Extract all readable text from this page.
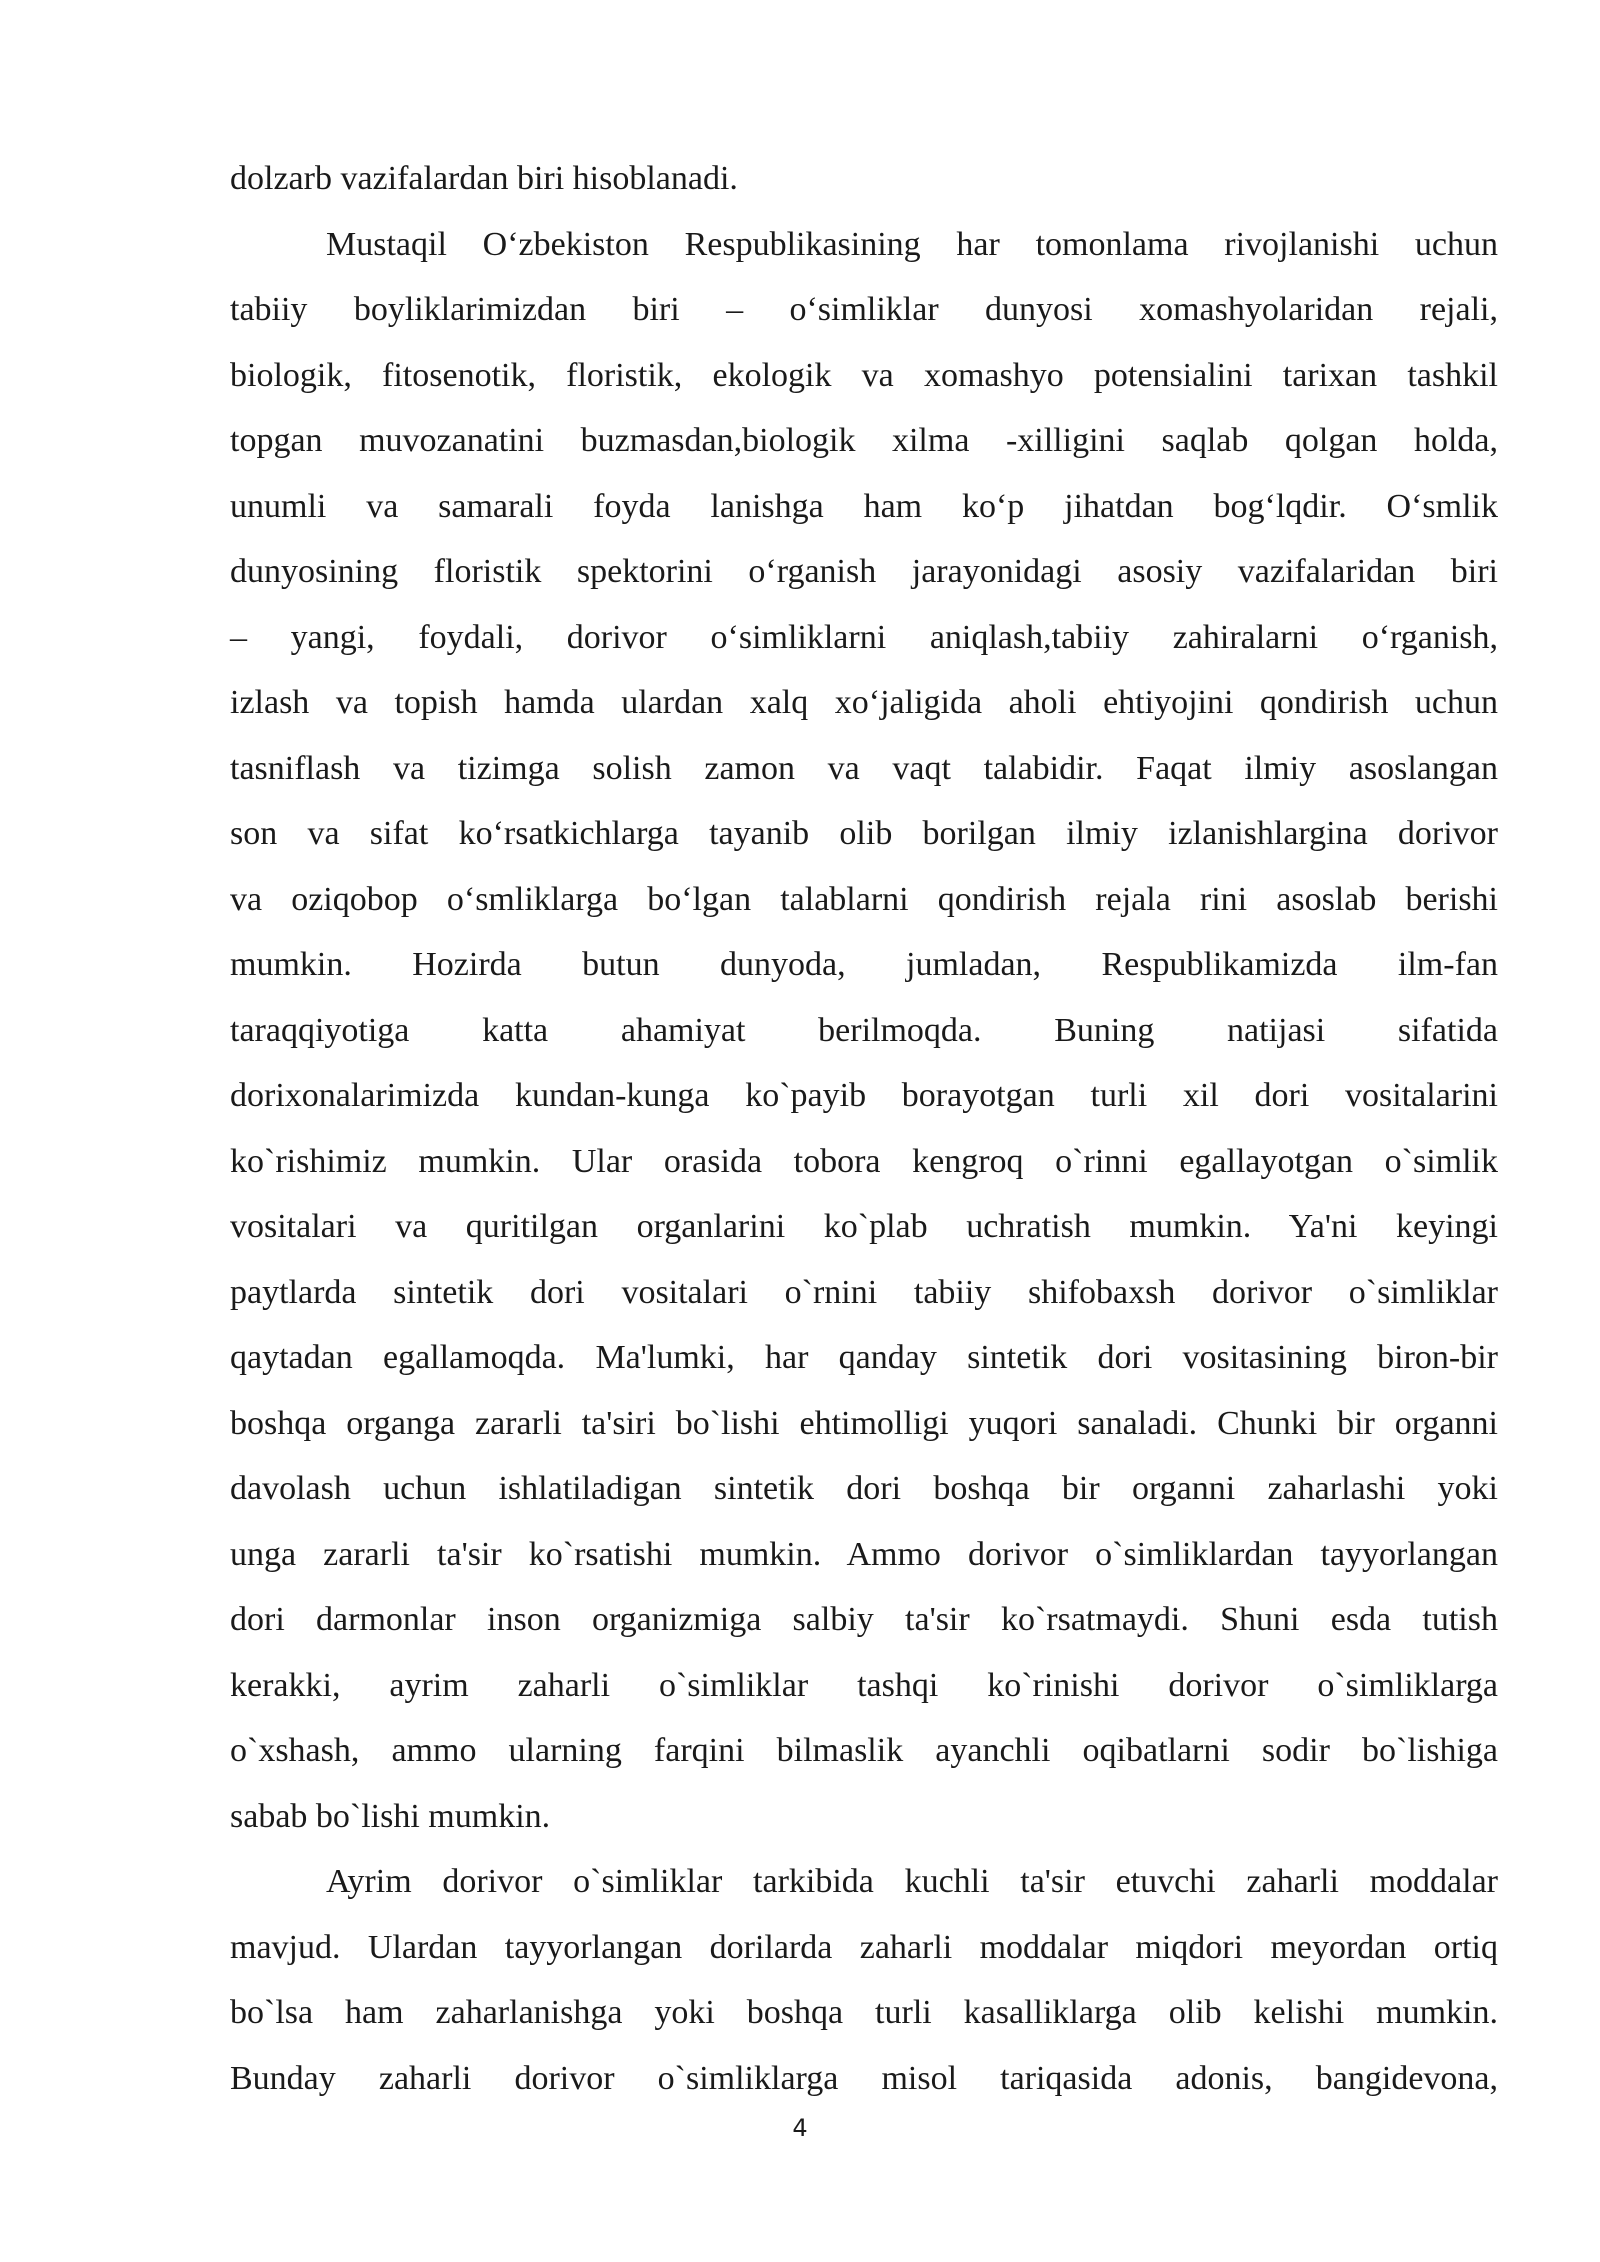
dolzarb vazifalardan biri hisoblanadi.
Mustaqil O‘zbekiston Respublikasining har tomonlama rivojlanishi uchun
tabiiy boyliklarimizdan biri – o‘simliklar dunyosi xomashyolaridan rejali,
biologik, fitosenotik, floristik, ekologik va xomashyo potensialini tarixan tashkil
topgan muvozanatini buzmasdan,biologik xilma -xilligini saqlab qolgan holda,
unumli va samarali foyda lanishga ham ko‘p jihatdan bog‘lqdir. O‘smlik
dunyosining floristik spektorini o‘rganish jarayonidagi asosiy vazifalaridan biri
– yangi, foydali, dorivor o‘simliklarni aniqlash,tabiiy zahiralarni o‘rganish,
izlash va topish hamda ulardan xalq xo‘jaligida aholi ehtiyojini qondirish uchun
tasniflash va tizimga solish zamon va vaqt talabidir. Faqat ilmiy asoslangan
son va sifat ko‘rsatkichlarga tayanib olib borilgan ilmiy izlanishlargina dorivor
va oziqobop o‘smliklarga bo‘lgan talablarni qondirish rejala rini asoslab berishi
mumkin. Hozirda butun dunyoda, jumladan, Respublikamizda ilm-fan
taraqqiyotiga katta ahamiyat berilmoqda. Buning natijasi sifatida
dorixonalarimizda kundan-kunga ko`payib borayotgan turli xil dori vositalarini
ko`rishimiz mumkin. Ular orasida tobora kengroq o`rinni egallayotgan o`simlik
vositalari va quritilgan organlarini ko`plab uchratish mumkin. Ya'ni keyingi
paytlarda sintetik dori vositalari o`rnini tabiiy shifobaxsh dorivor o`simliklar
qaytadan egallamoqda. Ma'lumki, har qanday sintetik dori vositasining biron-bir
boshqa organga zararli ta'siri bo`lishi ehtimolligi yuqori sanaladi. Chunki bir organni
davolash uchun ishlatiladigan sintetik dori boshqa bir organni zaharlashi yoki
unga zararli ta'sir ko`rsatishi mumkin. Ammo dorivor o`simliklardan tayyorlangan
dori darmonlar inson organizmiga salbiy ta'sir ko`rsatmaydi. Shuni esda tutish
kerakki, ayrim zaharli o`simliklar tashqi ko`rinishi dorivor o`simliklarga
o`xshash, ammo ularning farqini bilmaslik ayanchli oqibatlarni sodir bo`lishiga
sabab bo`lishi mumkin.
Ayrim dorivor o`simliklar tarkibida kuchli ta'sir etuvchi zaharli moddalar
mavjud. Ulardan tayyorlangan dorilarda zaharli moddalar miqdori meyordan ortiq
bo`lsa ham zaharlanishga yoki boshqa turli kasalliklarga olib kelishi mumkin.
Bunday zaharli dorivor o`simliklarga misol tariqasida adonis, bangidevona,
4
